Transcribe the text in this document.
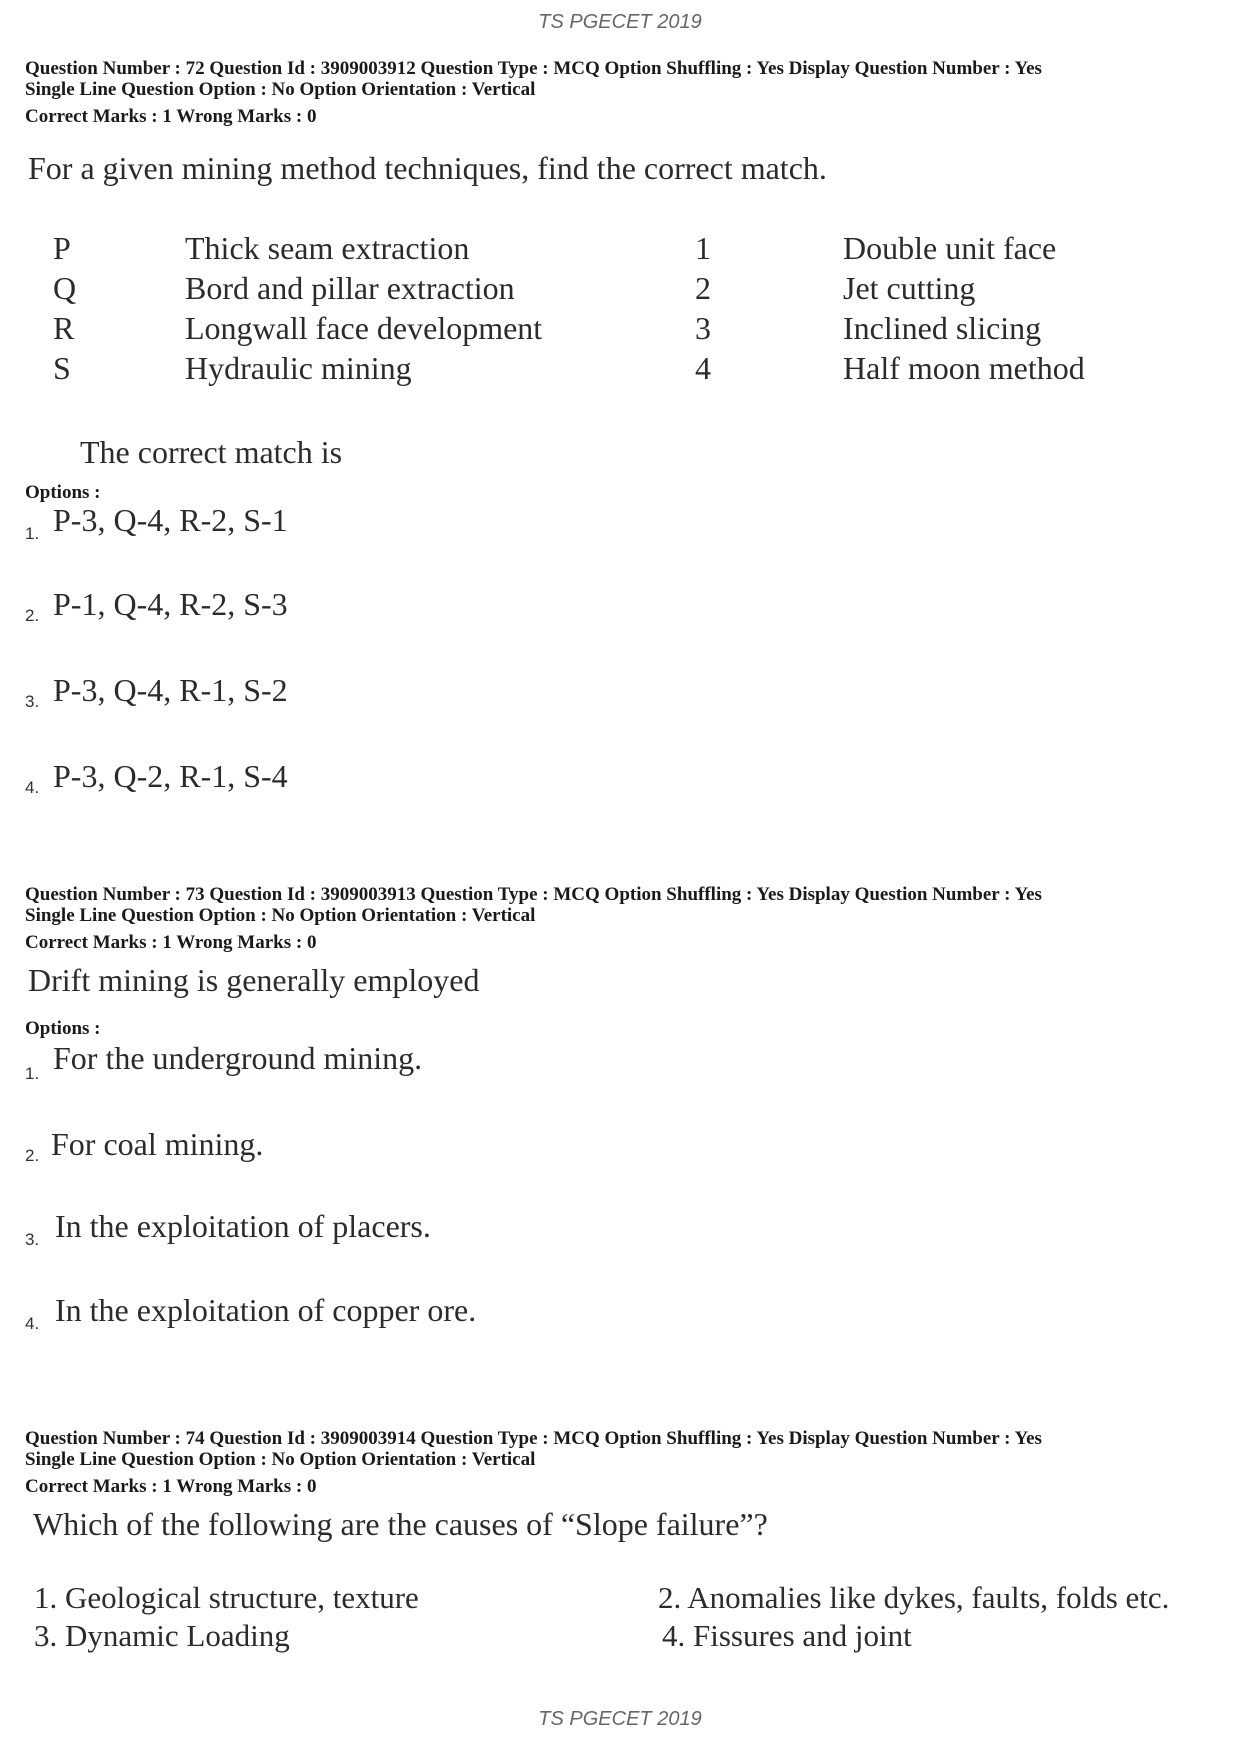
TS PGECET 2019
Question Number : 72 Question Id : 3909003912 Question Type : MCQ Option Shuffling : Yes Display Question Number : Yes
Single Line Question Option : No Option Orientation : Vertical
Correct Marks : 1 Wrong Marks : 0
For a given mining method techniques, find the correct match.
P	Thick seam extraction	1	Double unit face
Q	Bord and pillar extraction	2	Jet cutting
R	Longwall face development	3	Inclined slicing
S	Hydraulic mining	4	Half moon method
The correct match is
Options :
1. P-3, Q-4, R-2, S-1
2. P-1, Q-4, R-2, S-3
3. P-3, Q-4, R-1, S-2
4. P-3, Q-2, R-1, S-4
Question Number : 73 Question Id : 3909003913 Question Type : MCQ Option Shuffling : Yes Display Question Number : Yes
Single Line Question Option : No Option Orientation : Vertical
Correct Marks : 1 Wrong Marks : 0
Drift mining is generally employed
Options :
1. For the underground mining.
2. For coal mining.
3. In the exploitation of placers.
4. In the exploitation of copper ore.
Question Number : 74 Question Id : 3909003914 Question Type : MCQ Option Shuffling : Yes Display Question Number : Yes
Single Line Question Option : No Option Orientation : Vertical
Correct Marks : 1 Wrong Marks : 0
Which of the following are the causes of “Slope failure”?
1. Geological structure, texture	2. Anomalies like dykes, faults, folds etc.
3. Dynamic Loading	4. Fissures and joint
TS PGECET 2019
